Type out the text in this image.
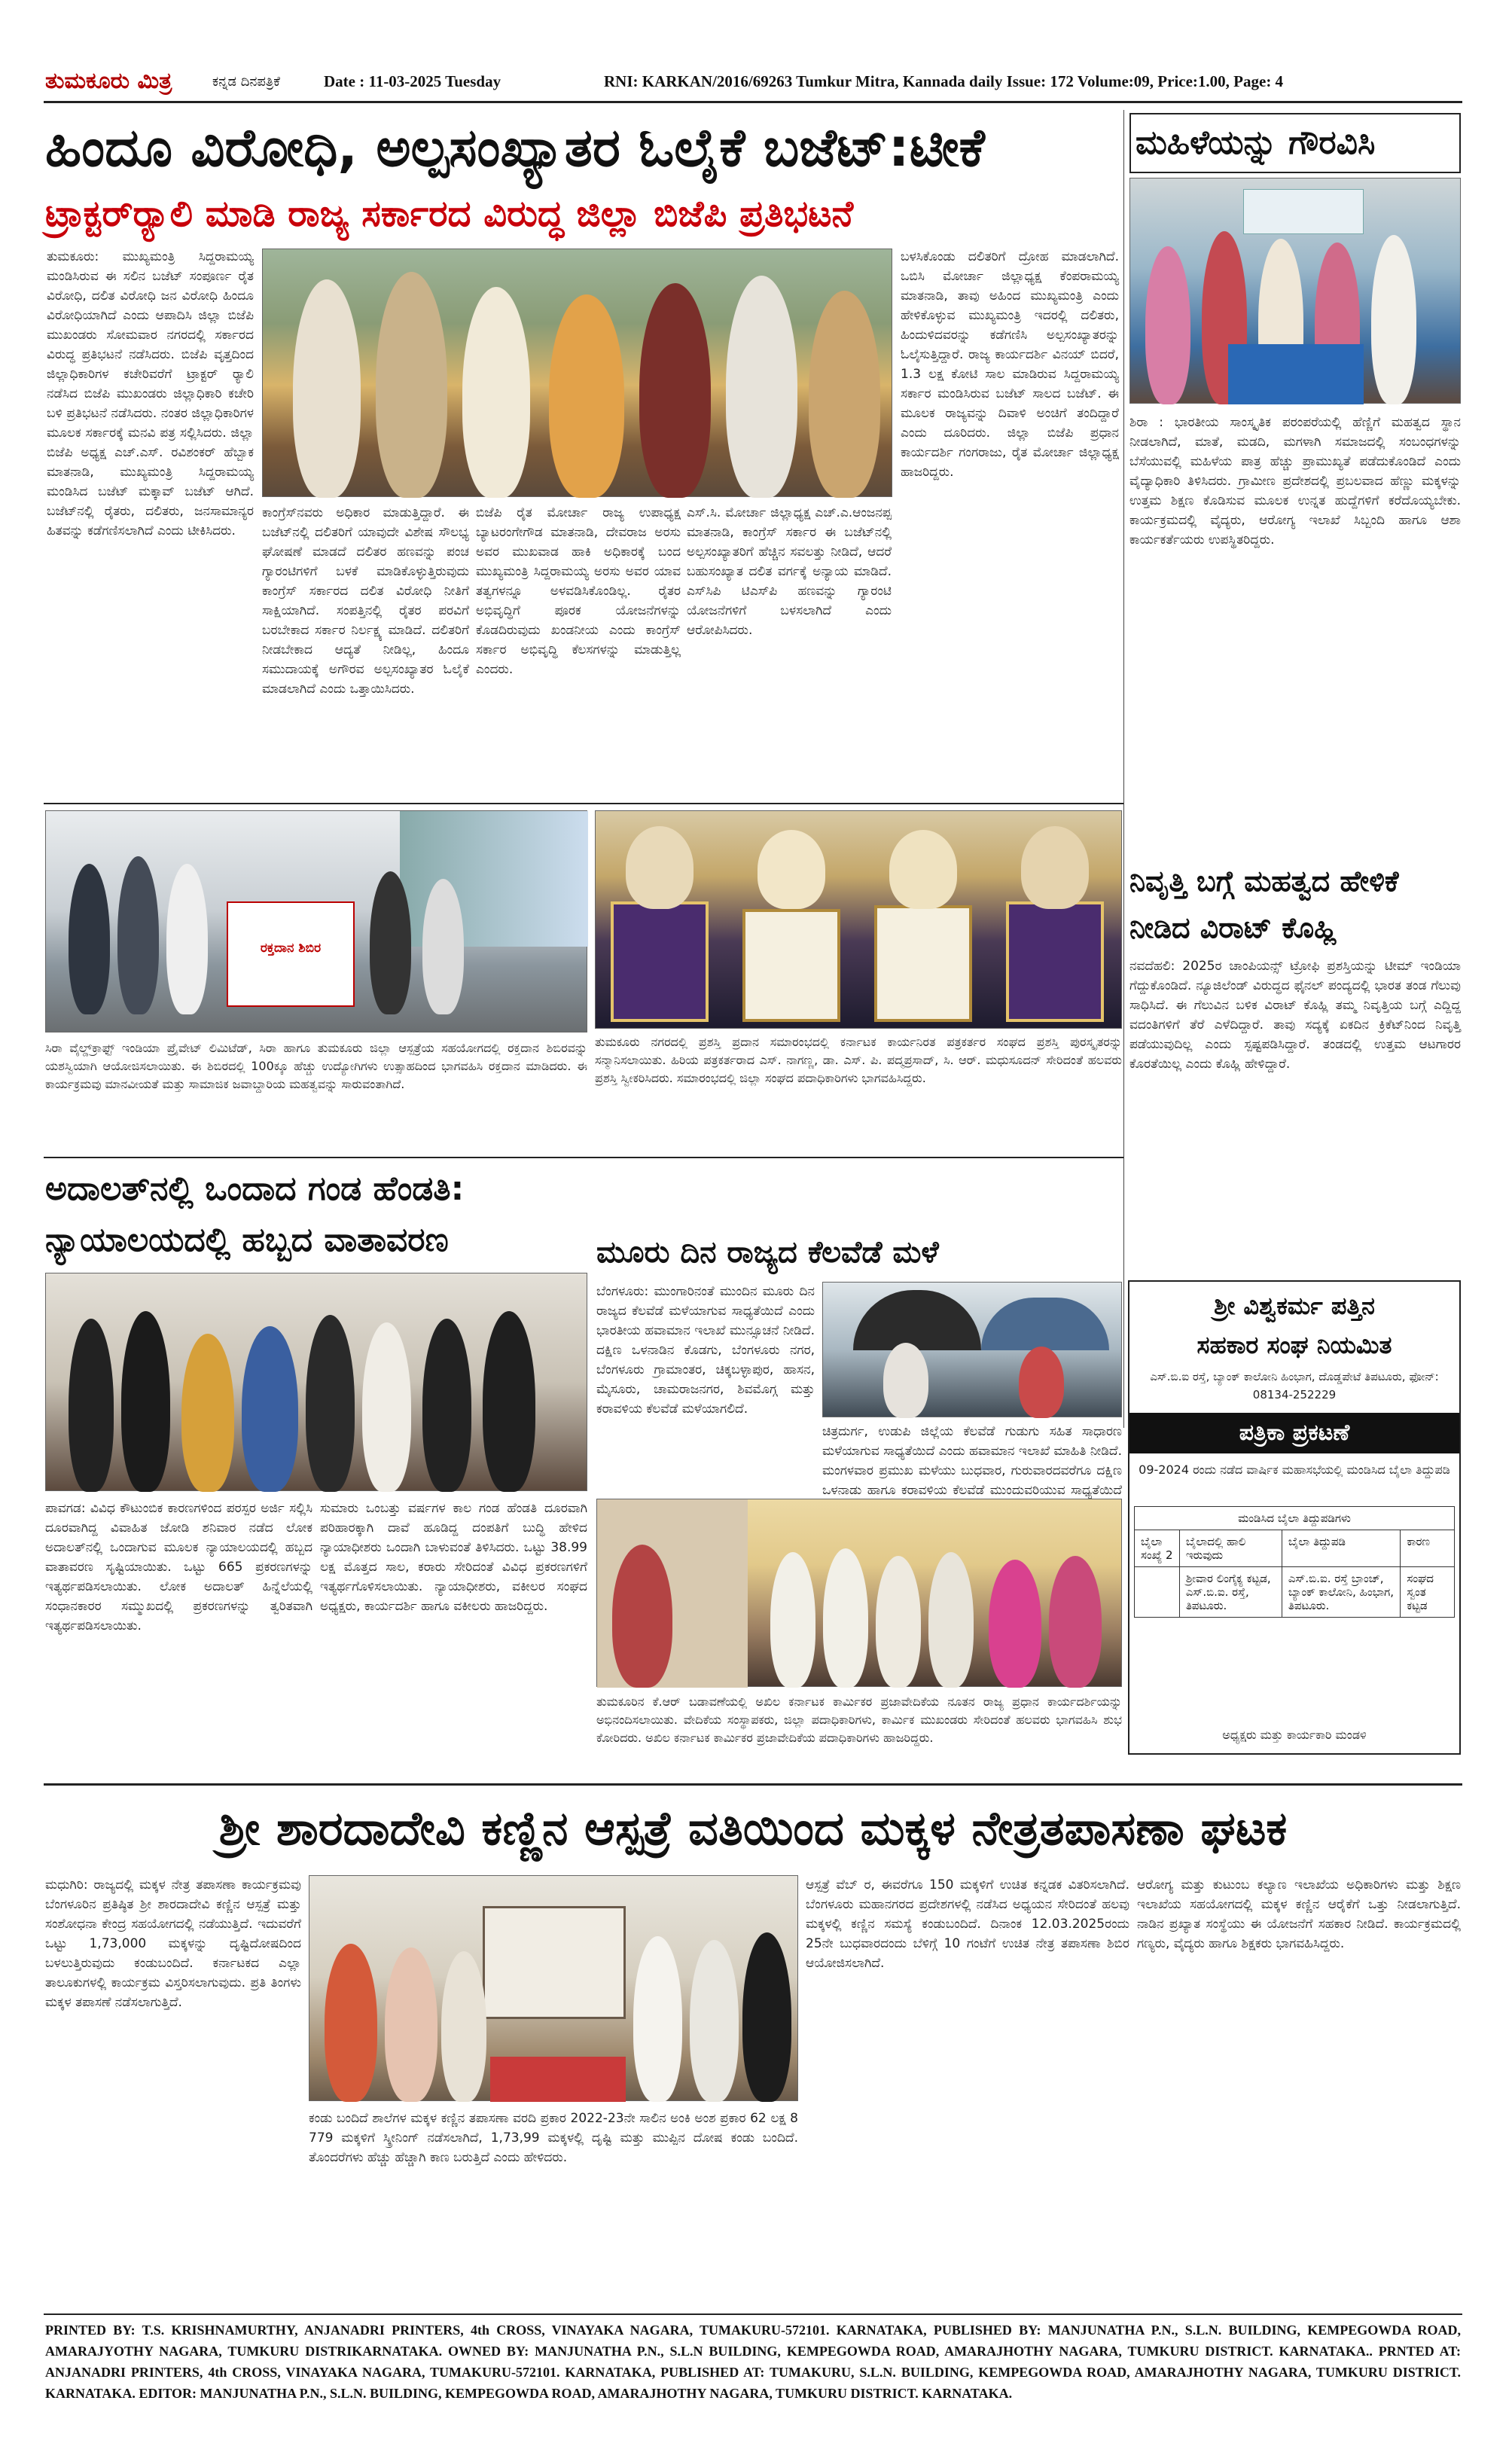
ತುಮಕೂರು ಮಿತ್ರ	ಕನ್ನಡ ದಿನಪತ್ರಿಕೆ	Date : 11-03-2025 Tuesday	RNI: KARKAN/2016/69263 Tumkur Mitra, Kannada daily Issue: 172 Volume:09, Price:1.00, Page: 4
ಹಿಂದೂ ವಿರೋಧಿ, ಅಲ್ಪಸಂಖ್ಯಾತರ ಓಲೈಕೆ ಬಜೆಟ್:ಟೀಕೆ
ಟ್ರಾಕ್ಟರ್‌ರ್‍ಯಾಲಿ ಮಾಡಿ ರಾಜ್ಯ ಸರ್ಕಾರದ ವಿರುದ್ಧ ಜಿಲ್ಲಾ ಬಿಜೆಪಿ ಪ್ರತಿಭಟನೆ
ತುಮಕೂರು: ಮುಖ್ಯಮಂತ್ರಿ ಸಿದ್ದರಾಮಯ್ಯ ಮಂಡಿಸಿರುವ ಈ ಸಲಿನ ಬಜೆಟ್ ಸಂಪೂರ್ಣ ರೈತ ವಿರೋಧಿ, ದಲಿತ ವಿರೋಧಿ ಜನ ವಿರೋಧಿ ಹಿಂದೂ ವಿರೋಧಿಯಾಗಿದೆ ಎಂದು ಆಪಾದಿಸಿ ಜಿಲ್ಲಾ ಬಿಜೆಪಿ ಮುಖಂಡರು ಸೋಮವಾರ ನಗರದಲ್ಲಿ ಸರ್ಕಾರದ ವಿರುದ್ಧ ಪ್ರತಿಭಟನೆ ನಡೆಸಿದರು. ಬಿಜೆಪಿ ವೃತ್ತದಿಂದ ಜಿಲ್ಲಾಧಿಕಾರಿಗಳ ಕಚೇರಿವರೆಗೆ ಟ್ರಾಕ್ಟರ್ ರ್‍ಯಾಲಿ ನಡೆಸಿದ ಬಿಜೆಪಿ ಮುಖಂಡರು ಜಿಲ್ಲಾಧಿಕಾರಿ ಕಚೇರಿ ಬಳಿ ಪ್ರತಿಭಟನೆ ನಡೆಸಿದರು. ನಂತರ ಜಿಲ್ಲಾಧಿಕಾರಿಗಳ ಮೂಲಕ ಸರ್ಕಾರಕ್ಕೆ ಮನವಿ ಪತ್ರ ಸಲ್ಲಿಸಿದರು. ಜಿಲ್ಲಾ ಬಿಜೆಪಿ ಅಧ್ಯಕ್ಷ ಎಚ್.ಎಸ್. ರವಿಶಂಕರ್ ಹೆಬ್ಬಾಕ ಮಾತನಾಡಿ, ಮುಖ್ಯಮಂತ್ರಿ ಸಿದ್ದರಾಮಯ್ಯ ಮಂಡಿಸಿದ ಬಜೆಟ್ ಮಕ್ಕಾವ್ ಬಜೆಟ್ ಆಗಿದೆ. ಬಜೆಟ್‌ನಲ್ಲಿ ರೈತರು, ದಲಿತರು, ಜನಸಾಮಾನ್ಯರ ಹಿತವನ್ನು ಕಡೆಗಣಿಸಲಾಗಿದೆ ಎಂದು ಟೀಕಿಸಿದರು.
ಕಾಂಗ್ರೆಸ್‌ನವರು ಅಧಿಕಾರ ಮಾಡುತ್ತಿದ್ದಾರೆ. ಈ ಬಜೆಟ್‌ನಲ್ಲಿ ದಲಿತರಿಗೆ ಯಾವುದೇ ವಿಶೇಷ ಸೌಲಭ್ಯ ಘೋಷಣೆ ಮಾಡದೆ ದಲಿತರ ಹಣವನ್ನು ಪಂಚ ಗ್ಯಾರಂಟಿಗಳಿಗೆ ಬಳಕೆ ಮಾಡಿಕೊಳ್ಳುತ್ತಿರುವುದು ಕಾಂಗ್ರೆಸ್ ಸರ್ಕಾರದ ದಲಿತ ವಿರೋಧಿ ನೀತಿಗೆ ಸಾಕ್ಷಿಯಾಗಿದೆ. ಸಂಪತ್ತಿನಲ್ಲಿ ರೈತರ ಪರವಿಗೆ ಬರಬೇಕಾದ ಸರ್ಕಾರ ನಿರ್ಲಕ್ಷ್ಯ ಮಾಡಿದೆ. ದಲಿತರಿಗೆ ನೀಡಬೇಕಾದ ಆದ್ಯತೆ ನೀಡಿಲ್ಲ, ಹಿಂದೂ ಸಮುದಾಯಕ್ಕೆ ಅಗೌರವ ಅಲ್ಪಸಂಖ್ಯಾತರ ಓಲೈಕೆ ಮಾಡಲಾಗಿದೆ ಎಂದು ಒತ್ತಾಯಿಸಿದರು.
ಬಿಜೆಪಿ ರೈತ ಮೋರ್ಚಾ ರಾಜ್ಯ ಉಪಾಧ್ಯಕ್ಷ ಬ್ಯಾಟರಂಗೇಗೌಡ ಮಾತನಾಡಿ, ದೇವರಾಜ ಅರಸು ಅವರ ಮುಖವಾಡ ಹಾಕಿ ಅಧಿಕಾರಕ್ಕೆ ಬಂದ ಮುಖ್ಯಮಂತ್ರಿ ಸಿದ್ದರಾಮಯ್ಯ ಅರಸು ಅವರ ಯಾವ ತತ್ವಗಳನ್ನೂ ಅಳವಡಿಸಿಕೊಂಡಿಲ್ಲ. ರೈತರ ಅಭಿವೃದ್ಧಿಗೆ ಪೂರಕ ಯೋಜನೆಗಳನ್ನು ಕೊಡದಿರುವುದು ಖಂಡನೀಯ ಎಂದು ಕಾಂಗ್ರೆಸ್ ಸರ್ಕಾರ ಅಭಿವೃದ್ಧಿ ಕೆಲಸಗಳನ್ನು ಮಾಡುತ್ತಿಲ್ಲ ಎಂದರು.
ಎಸ್.ಸಿ. ಮೋರ್ಚಾ ಜಿಲ್ಲಾಧ್ಯಕ್ಷ ಎಚ್.ಎ.ಆಂಜನಪ್ಪ ಮಾತನಾಡಿ, ಕಾಂಗ್ರೆಸ್ ಸರ್ಕಾರ ಈ ಬಜೆಟ್‌ನಲ್ಲಿ ಅಲ್ಪಸಂಖ್ಯಾತರಿಗೆ ಹೆಚ್ಚಿನ ಸವಲತ್ತು ನೀಡಿದೆ, ಆದರೆ ಬಹುಸಂಖ್ಯಾತ ದಲಿತ ವರ್ಗಕ್ಕೆ ಅನ್ಯಾಯ ಮಾಡಿದೆ. ಎಸ್‌ಸಿಪಿ ಟಿಎಸ್‌ಪಿ ಹಣವನ್ನು ಗ್ಯಾರಂಟಿ ಯೋಜನೆಗಳಿಗೆ ಬಳಸಲಾಗಿದೆ ಎಂದು ಆರೋಪಿಸಿದರು.
ಬಳಸಿಕೊಂಡು ದಲಿತರಿಗೆ ದ್ರೋಹ ಮಾಡಲಾಗಿದೆ. ಒಬಿಸಿ ಮೋರ್ಚಾ ಜಿಲ್ಲಾಧ್ಯಕ್ಷ ಕೆಂಪರಾಮಯ್ಯ ಮಾತನಾಡಿ, ತಾವು ಅಹಿಂದ ಮುಖ್ಯಮಂತ್ರಿ ಎಂದು ಹೇಳಿಕೊಳ್ಳುವ ಮುಖ್ಯಮಂತ್ರಿ ಇದರಲ್ಲಿ ದಲಿತರು, ಹಿಂದುಳಿದವರನ್ನು ಕಡೆಗಣಿಸಿ ಅಲ್ಪಸಂಖ್ಯಾತರನ್ನು ಓಲೈಸುತ್ತಿದ್ದಾರೆ. ರಾಜ್ಯ ಕಾರ್ಯದರ್ಶಿ ವಿನಯ್ ಬಿದರೆ, 1.3 ಲಕ್ಷ ಕೋಟಿ ಸಾಲ ಮಾಡಿರುವ ಸಿದ್ದರಾಮಯ್ಯ ಸರ್ಕಾರ ಮಂಡಿಸಿರುವ ಬಜೆಟ್ ಸಾಲದ ಬಜೆಟ್. ಈ ಮೂಲಕ ರಾಜ್ಯವನ್ನು ದಿವಾಳಿ ಅಂಚಿಗೆ ತಂದಿದ್ದಾರೆ ಎಂದು ದೂರಿದರು. ಜಿಲ್ಲಾ ಬಿಜೆಪಿ ಪ್ರಧಾನ ಕಾರ್ಯದರ್ಶಿ ಗಂಗರಾಜು, ರೈತ ಮೋರ್ಚಾ ಜಿಲ್ಲಾಧ್ಯಕ್ಷ ಹಾಜರಿದ್ದರು.
ಮಹಿಳೆಯನ್ನು ಗೌರವಿಸಿ
ಶಿರಾ : ಭಾರತೀಯ ಸಾಂಸ್ಕೃತಿಕ ಪರಂಪರೆಯಲ್ಲಿ ಹೆಣ್ಣಿಗೆ ಮಹತ್ವದ ಸ್ಥಾನ ನೀಡಲಾಗಿದೆ, ಮಾತೆ, ಮಡದಿ, ಮಗಳಾಗಿ ಸಮಾಜದಲ್ಲಿ ಸಂಬಂಧಗಳನ್ನು ಬೆಸೆಯುವಲ್ಲಿ ಮಹಿಳೆಯ ಪಾತ್ರ ಹೆಚ್ಚು ಪ್ರಾಮುಖ್ಯತೆ ಪಡೆದುಕೊಂಡಿದೆ ಎಂದು ವೈದ್ಯಾಧಿಕಾರಿ ತಿಳಿಸಿದರು. ಗ್ರಾಮೀಣ ಪ್ರದೇಶದಲ್ಲಿ ಪ್ರಬಲವಾದ ಹೆಣ್ಣು ಮಕ್ಕಳನ್ನು ಉತ್ತಮ ಶಿಕ್ಷಣ ಕೊಡಿಸುವ ಮೂಲಕ ಉನ್ನತ ಹುದ್ದೆಗಳಿಗೆ ಕರೆದೊಯ್ಯಬೇಕು. ಕಾರ್ಯಕ್ರಮದಲ್ಲಿ ವೈದ್ಯರು, ಆರೋಗ್ಯ ಇಲಾಖೆ ಸಿಬ್ಬಂದಿ ಹಾಗೂ ಆಶಾ ಕಾರ್ಯಕರ್ತೆಯರು ಉಪಸ್ಥಿತರಿದ್ದರು.
ರಕ್ತದಾನ ಶಿಬಿರ
ಸಿರಾ ವೈಲ್ಡ್‌ಕ್ರಾಫ್ಟ್ ಇಂಡಿಯಾ ಪ್ರೈವೇಟ್ ಲಿಮಿಟೆಡ್, ಸಿರಾ ಹಾಗೂ ತುಮಕೂರು ಜಿಲ್ಲಾ ಆಸ್ಪತ್ರೆಯ ಸಹಯೋಗದಲ್ಲಿ ರಕ್ತದಾನ ಶಿಬಿರವನ್ನು ಯಶಸ್ವಿಯಾಗಿ ಆಯೋಜಿಸಲಾಯಿತು. ಈ ಶಿಬಿರದಲ್ಲಿ 100ಕ್ಕೂ ಹೆಚ್ಚು ಉದ್ಯೋಗಿಗಳು ಉತ್ಸಾಹದಿಂದ ಭಾಗವಹಿಸಿ ರಕ್ತದಾನ ಮಾಡಿದರು. ಈ ಕಾರ್ಯಕ್ರಮವು ಮಾನವೀಯತೆ ಮತ್ತು ಸಾಮಾಜಿಕ ಜವಾಬ್ದಾರಿಯ ಮಹತ್ವವನ್ನು ಸಾರುವಂತಾಗಿದೆ.
ತುಮಕೂರು ನಗರದಲ್ಲಿ ಪ್ರಶಸ್ತಿ ಪ್ರದಾನ ಸಮಾರಂಭದಲ್ಲಿ ಕರ್ನಾಟಕ ಕಾರ್ಯನಿರತ ಪತ್ರಕರ್ತರ ಸಂಘದ ಪ್ರಶಸ್ತಿ ಪುರಸ್ಕೃತರನ್ನು ಸನ್ಮಾನಿಸಲಾಯಿತು. ಹಿರಿಯ ಪತ್ರಕರ್ತರಾದ ಎಸ್. ನಾಗಣ್ಣ, ಡಾ. ಎಸ್. ಪಿ. ಪದ್ಮಪ್ರಸಾದ್, ಸಿ. ಆರ್. ಮಧುಸೂದನ್ ಸೇರಿದಂತೆ ಹಲವರು ಪ್ರಶಸ್ತಿ ಸ್ವೀಕರಿಸಿದರು. ಸಮಾರಂಭದಲ್ಲಿ ಜಿಲ್ಲಾ ಸಂಘದ ಪದಾಧಿಕಾರಿಗಳು ಭಾಗವಹಿಸಿದ್ದರು.
ನಿವೃತ್ತಿ ಬಗ್ಗೆ ಮಹತ್ವದ ಹೇಳಿಕೆ
ನೀಡಿದ ವಿರಾಟ್ ಕೊಹ್ಲಿ
ನವದೆಹಲಿ: 2025ರ ಚಾಂಪಿಯನ್ಸ್ ಟ್ರೋಫಿ ಪ್ರಶಸ್ತಿಯನ್ನು ಟೀಮ್ ಇಂಡಿಯಾ ಗೆದ್ದುಕೊಂಡಿದೆ. ನ್ಯೂಜಿಲೆಂಡ್ ವಿರುದ್ಧದ ಫೈನಲ್ ಪಂದ್ಯದಲ್ಲಿ ಭಾರತ ತಂಡ ಗೆಲುವು ಸಾಧಿಸಿದೆ. ಈ ಗೆಲುವಿನ ಬಳಿಕ ವಿರಾಟ್ ಕೊಹ್ಲಿ ತಮ್ಮ ನಿವೃತ್ತಿಯ ಬಗ್ಗೆ ಎದ್ದಿದ್ದ ವದಂತಿಗಳಿಗೆ ತೆರೆ ಎಳೆದಿದ್ದಾರೆ. ತಾವು ಸದ್ಯಕ್ಕೆ ಏಕದಿನ ಕ್ರಿಕೆಟ್‌ನಿಂದ ನಿವೃತ್ತಿ ಪಡೆಯುವುದಿಲ್ಲ ಎಂದು ಸ್ಪಷ್ಟಪಡಿಸಿದ್ದಾರೆ. ತಂಡದಲ್ಲಿ ಉತ್ತಮ ಆಟಗಾರರ ಕೊರತೆಯಿಲ್ಲ ಎಂದು ಕೊಹ್ಲಿ ಹೇಳಿದ್ದಾರೆ.
ಅದಾಲತ್‌ನಲ್ಲಿ ಒಂದಾದ ಗಂಡ ಹೆಂಡತಿ:
ನ್ಯಾಯಾಲಯದಲ್ಲಿ ಹಬ್ಬದ ವಾತಾವರಣ
ಪಾವಗಡ: ವಿವಿಧ ಕೌಟುಂಬಿಕ ಕಾರಣಗಳಿಂದ ಪರಸ್ಪರ ಅರ್ಜಿ ಸಲ್ಲಿಸಿ ದೂರವಾಗಿದ್ದ ವಿವಾಹಿತ ಜೋಡಿ ಶನಿವಾರ ನಡೆದ ಲೋಕ ಅದಾಲತ್‌ನಲ್ಲಿ ಒಂದಾಗುವ ಮೂಲಕ ನ್ಯಾಯಾಲಯದಲ್ಲಿ ಹಬ್ಬದ ವಾತಾವರಣ ಸೃಷ್ಟಿಯಾಯಿತು. ಒಟ್ಟು 665 ಪ್ರಕರಣಗಳನ್ನು ಇತ್ಯರ್ಥಪಡಿಸಲಾಯಿತು. ಲೋಕ ಅದಾಲತ್ ಹಿನ್ನೆಲೆಯಲ್ಲಿ ಸಂಧಾನಕಾರರ ಸಮ್ಮುಖದಲ್ಲಿ ಪ್ರಕರಣಗಳನ್ನು ತ್ವರಿತವಾಗಿ ಇತ್ಯರ್ಥಪಡಿಸಲಾಯಿತು.
ಸುಮಾರು ಒಂಬತ್ತು ವರ್ಷಗಳ ಕಾಲ ಗಂಡ ಹೆಂಡತಿ ದೂರವಾಗಿ ಪರಿಹಾರಕ್ಕಾಗಿ ದಾವೆ ಹೂಡಿದ್ದ ದಂಪತಿಗೆ ಬುದ್ಧಿ ಹೇಳಿದ ನ್ಯಾಯಾಧೀಶರು ಒಂದಾಗಿ ಬಾಳುವಂತೆ ತಿಳಿಸಿದರು. ಒಟ್ಟು 38.99 ಲಕ್ಷ ಮೊತ್ತದ ಸಾಲ, ಕರಾರು ಸೇರಿದಂತೆ ವಿವಿಧ ಪ್ರಕರಣಗಳಿಗೆ ಇತ್ಯರ್ಥಗೊಳಿಸಲಾಯಿತು. ನ್ಯಾಯಾಧೀಶರು, ವಕೀಲರ ಸಂಘದ ಅಧ್ಯಕ್ಷರು, ಕಾರ್ಯದರ್ಶಿ ಹಾಗೂ ವಕೀಲರು ಹಾಜರಿದ್ದರು.
ಮೂರು ದಿನ ರಾಜ್ಯದ ಕೆಲವೆಡೆ ಮಳೆ
ಬೆಂಗಳೂರು: ಮುಂಗಾರಿನಂತೆ ಮುಂದಿನ ಮೂರು ದಿನ ರಾಜ್ಯದ ಕೆಲವೆಡೆ ಮಳೆಯಾಗುವ ಸಾಧ್ಯತೆಯಿದೆ ಎಂದು ಭಾರತೀಯ ಹವಾಮಾನ ಇಲಾಖೆ ಮುನ್ಸೂಚನೆ ನೀಡಿದೆ. ದಕ್ಷಿಣ ಒಳನಾಡಿನ ಕೊಡಗು, ಬೆಂಗಳೂರು ನಗರ, ಬೆಂಗಳೂರು ಗ್ರಾಮಾಂತರ, ಚಿಕ್ಕಬಳ್ಳಾಪುರ, ಹಾಸನ, ಮೈಸೂರು, ಚಾಮರಾಜನಗರ, ಶಿವಮೊಗ್ಗ ಮತ್ತು ಕರಾವಳಿಯ ಕೆಲವೆಡೆ ಮಳೆಯಾಗಲಿದೆ.
ಚಿತ್ರದುರ್ಗ, ಉಡುಪಿ ಜಿಲ್ಲೆಯ ಕೆಲವೆಡೆ ಗುಡುಗು ಸಹಿತ ಸಾಧಾರಣ ಮಳೆಯಾಗುವ ಸಾಧ್ಯತೆಯಿದೆ ಎಂದು ಹವಾಮಾನ ಇಲಾಖೆ ಮಾಹಿತಿ ನೀಡಿದೆ. ಮಂಗಳವಾರ ಪ್ರಮುಖ ಮಳೆಯು ಬುಧವಾರ, ಗುರುವಾರದವರೆಗೂ ದಕ್ಷಿಣ ಒಳನಾಡು ಹಾಗೂ ಕರಾವಳಿಯ ಕೆಲವೆಡೆ ಮುಂದುವರಿಯುವ ಸಾಧ್ಯತೆಯಿದೆ
ಶ್ರೀ ವಿಶ್ವಕರ್ಮ ಪತ್ತಿನ
ಸಹಕಾರ ಸಂಘ ನಿಯಮಿತ
ಎಸ್.ಬಿ.ಐ ರಸ್ತೆ, ಬ್ಯಾಂಕ್ ಕಾಲೋನಿ ಹಿಂಭಾಗ, ದೊಡ್ಡಪೇಟೆ ತಿಪಟೂರು, ಫೋನ್: 08134-252229
ಪತ್ರಿಕಾ ಪ್ರಕಟಣೆ
09-2024 ರಂದು ನಡೆದ ವಾರ್ಷಿಕ ಮಹಾಸಭೆಯಲ್ಲಿ ಮಂಡಿಸಿದ ಬೈಲಾ ತಿದ್ದುಪಡಿ
ಮಂಡಿಸಿದ ಬೈಲಾ ತಿದ್ದುಪಡಿಗಳು			
ಬೈಲಾ ಸಂಖ್ಯೆ 2	ಬೈಲಾದಲ್ಲಿ ಹಾಲಿ ಇರುವುದು	ಬೈಲಾ ತಿದ್ದುಪಡಿ	ಕಾರಣ
	ಶ್ರೀವಾರ ಲಿಂಗೈಕ್ಯ ಕಟ್ಟಡ, ಎಸ್.ಬಿ.ಐ. ರಸ್ತೆ, ತಿಪಟೂರು.	ಎಸ್.ಬಿ.ಐ. ರಸ್ತೆ ಬ್ರಾಂಚ್, ಬ್ಯಾಂಕ್ ಕಾಲೋನಿ, ಹಿಂಭಾಗ, ತಿಪಟೂರು.	ಸಂಘದ ಸ್ವಂತ ಕಟ್ಟಡ
ಅಧ್ಯಕ್ಷರು ಮತ್ತು ಕಾರ್ಯಕಾರಿ ಮಂಡಳಿ
ತುಮಕೂರಿನ ಕೆ.ಆರ್ ಬಡಾವಣೆಯಲ್ಲಿ ಅಖಿಲ ಕರ್ನಾಟಕ ಕಾರ್ಮಿಕರ ಪ್ರಜಾವೇದಿಕೆಯ ನೂತನ ರಾಜ್ಯ ಪ್ರಧಾನ ಕಾರ್ಯದರ್ಶಿಯನ್ನು ಅಭಿನಂದಿಸಲಾಯಿತು. ವೇದಿಕೆಯ ಸಂಸ್ಥಾಪಕರು, ಜಿಲ್ಲಾ ಪದಾಧಿಕಾರಿಗಳು, ಕಾರ್ಮಿಕ ಮುಖಂಡರು ಸೇರಿದಂತೆ ಹಲವರು ಭಾಗವಹಿಸಿ ಶುಭ ಕೋರಿದರು. ಅಖಿಲ ಕರ್ನಾಟಕ ಕಾರ್ಮಿಕರ ಪ್ರಜಾವೇದಿಕೆಯ ಪದಾಧಿಕಾರಿಗಳು ಹಾಜರಿದ್ದರು.
ಶ್ರೀ ಶಾರದಾದೇವಿ ಕಣ್ಣಿನ ಆಸ್ಪತ್ರೆ ವತಿಯಿಂದ ಮಕ್ಕಳ ನೇತ್ರತಪಾಸಣಾ ಘಟಕ
ಮಧುಗಿರಿ: ರಾಜ್ಯದಲ್ಲಿ ಮಕ್ಕಳ ನೇತ್ರ ತಪಾಸಣಾ ಕಾರ್ಯಕ್ರಮವು ಬೆಂಗಳೂರಿನ ಪ್ರತಿಷ್ಠಿತ ಶ್ರೀ ಶಾರದಾದೇವಿ ಕಣ್ಣಿನ ಆಸ್ಪತ್ರೆ ಮತ್ತು ಸಂಶೋಧನಾ ಕೇಂದ್ರ ಸಹಯೋಗದಲ್ಲಿ ನಡೆಯುತ್ತಿದೆ. ಇದುವರೆಗೆ ಒಟ್ಟು 1,73,000 ಮಕ್ಕಳನ್ನು ದೃಷ್ಟಿದೋಷದಿಂದ ಬಳಲುತ್ತಿರುವುದು ಕಂಡುಬಂದಿದೆ. ಕರ್ನಾಟಕದ ಎಲ್ಲಾ ತಾಲೂಕುಗಳಲ್ಲಿ ಕಾರ್ಯಕ್ರಮ ವಿಸ್ತರಿಸಲಾಗುವುದು. ಪ್ರತಿ ತಿಂಗಳು ಮಕ್ಕಳ ತಪಾಸಣೆ ನಡೆಸಲಾಗುತ್ತಿದೆ.
ಕಂಡು ಬಂದಿದೆ ಶಾಲೆಗಳ ಮಕ್ಕಳ ಕಣ್ಣಿನ ತಪಾಸಣಾ ವರದಿ ಪ್ರಕಾರ 2022-23ನೇ ಸಾಲಿನ ಅಂಕಿ ಅಂಶ ಪ್ರಕಾರ 62 ಲಕ್ಷ 8 779 ಮಕ್ಕಳಿಗೆ ಸ್ಕ್ರೀನಿಂಗ್ ನಡೆಸಲಾಗಿದೆ, 1,73,99 ಮಕ್ಕಳಲ್ಲಿ ದೃಷ್ಟಿ ಮತ್ತು ಮುಪ್ಪಿನ ದೋಷ ಕಂಡು ಬಂದಿದೆ. ತೊಂದರೆಗಳು ಹೆಚ್ಚು ಹೆಚ್ಚಾಗಿ ಕಾಣ ಬರುತ್ತಿದೆ ಎಂದು ಹೇಳಿದರು.
ಆಸ್ಪತ್ರೆ ವೆಬ್ ರ, ಈವರೆಗೂ 150 ಮಕ್ಕಳಿಗೆ ಉಚಿತ ಕನ್ನಡಕ ವಿತರಿಸಲಾಗಿದೆ. ಬೆಂಗಳೂರು ಮಹಾನಗರದ ಪ್ರದೇಶಗಳಲ್ಲಿ ನಡೆಸಿದ ಅಧ್ಯಯನ ಸೇರಿದಂತೆ ಹಲವು ಮಕ್ಕಳಲ್ಲಿ ಕಣ್ಣಿನ ಸಮಸ್ಯೆ ಕಂಡುಬಂದಿದೆ. ದಿನಾಂಕ 12.03.2025ರಂದು 25ನೇ ಬುಧವಾರದಂದು ಬೆಳಿಗ್ಗೆ 10 ಗಂಟೆಗೆ ಉಚಿತ ನೇತ್ರ ತಪಾಸಣಾ ಶಿಬಿರ ಆಯೋಜಿಸಲಾಗಿದೆ.
ಆರೋಗ್ಯ ಮತ್ತು ಕುಟುಂಬ ಕಲ್ಯಾಣ ಇಲಾಖೆಯ ಅಧಿಕಾರಿಗಳು ಮತ್ತು ಶಿಕ್ಷಣ ಇಲಾಖೆಯ ಸಹಯೋಗದಲ್ಲಿ ಮಕ್ಕಳ ಕಣ್ಣಿನ ಆರೈಕೆಗೆ ಒತ್ತು ನೀಡಲಾಗುತ್ತಿದೆ. ನಾಡಿನ ಪ್ರಖ್ಯಾತ ಸಂಸ್ಥೆಯು ಈ ಯೋಜನೆಗೆ ಸಹಕಾರ ನೀಡಿದೆ. ಕಾರ್ಯಕ್ರಮದಲ್ಲಿ ಗಣ್ಯರು, ವೈದ್ಯರು ಹಾಗೂ ಶಿಕ್ಷಕರು ಭಾಗವಹಿಸಿದ್ದರು.
PRINTED BY: T.S. KRISHNAMURTHY, ANJANADRI PRINTERS, 4th CROSS, VINAYAKA NAGARA, TUMAKURU-572101. KARNATAKA, PUBLISHED BY: MANJUNATHA P.N., S.L.N. BUILDING, KEMPEGOWDA ROAD, AMARAJYOTHY NAGARA, TUMKURU DISTRIKARNATAKA. OWNED BY: MANJUNATHA P.N., S.L.N BUILDING, KEMPEGOWDA ROAD, AMARAJHOTHY NAGARA, TUMKURU DISTRICT. KARNATAKA.. PRNTED AT: ANJANADRI PRINTERS, 4th CROSS, VINAYAKA NAGARA, TUMAKURU-572101. KARNATAKA, PUBLISHED AT: TUMAKURU, S.L.N. BUILDING, KEMPEGOWDA ROAD, AMARAJHOTHY NAGARA, TUMKURU DISTRICT. KARNATAKA. EDITOR: MANJUNATHA P.N., S.L.N. BUILDING, KEMPEGOWDA ROAD, AMARAJHOTHY NAGARA, TUMKURU DISTRICT. KARNATAKA.
